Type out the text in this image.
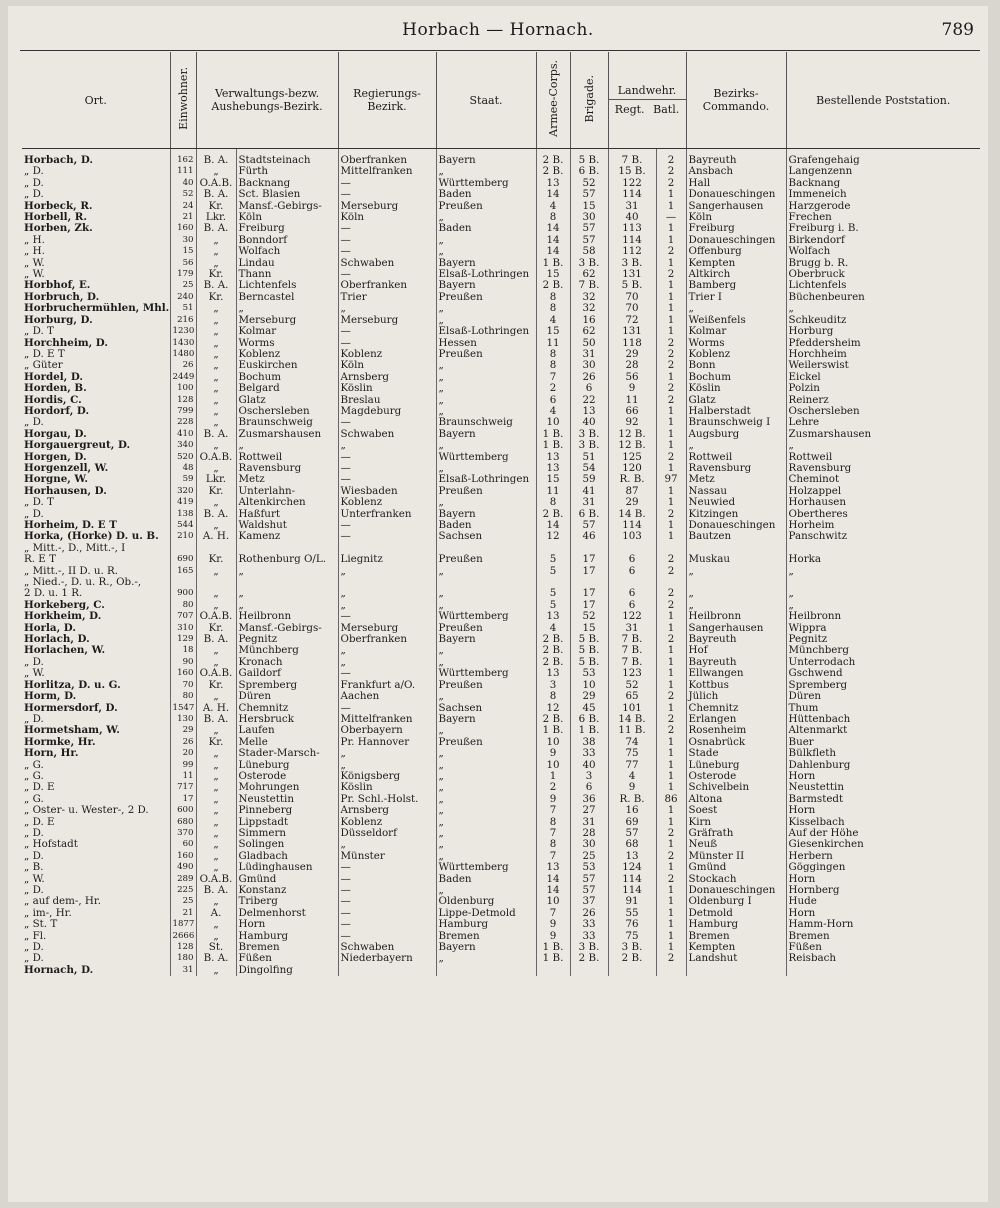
Horbach — Hornach.	789
Ort.	Einwohner.	Verwaltungs-bezw. Aushebungs-Bezirk.		Regierungs-Bezirk.	Staat.	Armee-Corps.	Brigade.	Landwehr.
Regt. Batl.		Bezirks-Commando.	Bestellende Poststation.

Horbach, D.	162	B. A.	Stadtsteinach	Oberfranken	Bayern	2 B.	5 B.	7 B.	2	Bayreuth	Grafengehaig
„ D.	111	„	Fürth	Mittelfranken	„	2 B.	6 B.	15 B.	2	Ansbach	Langenzenn
„ D.	40	O.A.B.	Backnang	—	Württemberg	13	52	122	2	Hall	Backnang
„ D.	52	B. A.	Sct. Blasien	—	Baden	14	57	114	1	Donaueschingen	Immeneich
Horbeck, R.	24	Kr.	Mansf.-Gebirgs-	Merseburg	Preußen	4	15	31	1	Sangerhausen	Harzgerode
Horbell, R.	21	Lkr.	Köln	Köln	„	8	30	40	—	Köln	Frechen
Horben, Zk.	160	B. A.	Freiburg	—	Baden	14	57	113	1	Freiburg	Freiburg i. B.
„ H.	30	„	Bonndorf	—	„	14	57	114	1	Donaueschingen	Birkendorf
„ H.	15	„	Wolfach	—	„	14	58	112	2	Offenburg	Wolfach
„ W.	56	„	Lindau	Schwaben	Bayern	1 B.	3 B.	3 B.	1	Kempten	Brugg b. R.
„ W.	179	Kr.	Thann	—	Elsaß-Lothringen	15	62	131	2	Altkirch	Oberbruck
Horbhof, E.	25	B. A.	Lichtenfels	Oberfranken	Bayern	2 B.	7 B.	5 B.	1	Bamberg	Lichtenfels
Horbruch, D.	240	Kr.	Berncastel	Trier	Preußen	8	32	70	1	Trier I	Büchenbeuren
Horbruchermühlen, Mhl.	51	„	„	„	„	8	32	70	1	„	„
Horburg, D.	216	„	Merseburg	Merseburg	„	4	16	72	1	Weißenfels	Schkeuditz
„ D. T	1230	„	Kolmar	—	Elsaß-Lothringen	15	62	131	1	Kolmar	Horburg
Horchheim, D.	1430	„	Worms	—	Hessen	11	50	118	2	Worms	Pfeddersheim
„ D. E T	1480	„	Koblenz	Koblenz	Preußen	8	31	29	2	Koblenz	Horchheim
„ Güter	26	„	Euskirchen	Köln	„	8	30	28	2	Bonn	Weilerswist
Hordel, D.	2449	„	Bochum	Arnsberg	„	7	26	56	1	Bochum	Eickel
Horden, B.	100	„	Belgard	Köslin	„	2	6	9	2	Köslin	Polzin
Hordis, C.	128	„	Glatz	Breslau	„	6	22	11	2	Glatz	Reinerz
Hordorf, D.	799	„	Oschersleben	Magdeburg	„	4	13	66	1	Halberstadt	Oschersleben
„ D.	228	„	Braunschweig	—	Braunschweig	10	40	92	1	Braunschweig I	Lehre
Horgau, D.	410	B. A.	Zusmarshausen	Schwaben	Bayern	1 B.	3 B.	12 B.	1	Augsburg	Zusmarshausen
Horgauergreut, D.	340	„	„	„	„	1 B.	3 B.	12 B.	1	„	„
Horgen, D.	520	O.A.B.	Rottweil	—	Württemberg	13	51	125	2	Rottweil	Rottweil
Horgenzell, W.	48	„	Ravensburg	—	„	13	54	120	1	Ravensburg	Ravensburg
Horgne, W.	59	Lkr.	Metz	—	Elsaß-Lothringen	15	59	R. B.	97	Metz	Cheminot
Horhausen, D.	320	Kr.	Unterlahn-	Wiesbaden	Preußen	11	41	87	1	Nassau	Holzappel
„ D. T	419	„	Altenkirchen	Koblenz	„	8	31	29	1	Neuwied	Horhausen
„ D.	138	B. A.	Haßfurt	Unterfranken	Bayern	2 B.	6 B.	14 B.	2	Kitzingen	Obertheres
Horheim, D. E T	544	„	Waldshut	—	Baden	14	57	114	1	Donaueschingen	Horheim
Horka, (Horke) D. u. B.	210	A. H.	Kamenz	—	Sachsen	12	46	103	1	Bautzen	Panschwitz
„ Mitt.-, D., Mitt.-, I											
R. E T	690	Kr.	Rothenburg O/L.	Liegnitz	Preußen	5	17	6	2	Muskau	Horka
„ Mitt.-, II D. u. R.	165	„	„	„	„	5	17	6	2	„	„
„ Nied.-, D. u. R., Ob.-,											
2 D. u. 1 R.	900	„	„	„	„	5	17	6	2	„	„
Horkeberg, C.	80	„	„	„	„	5	17	6	2	„	„
Horkheim, D.	707	O.A.B.	Heilbronn	—	Württemberg	13	52	122	1	Heilbronn	Heilbronn
Horla, D.	310	Kr.	Mansf.-Gebirgs-	Merseburg	Preußen	4	15	31	1	Sangerhausen	Wippra
Horlach, D.	129	B. A.	Pegnitz	Oberfranken	Bayern	2 B.	5 B.	7 B.	2	Bayreuth	Pegnitz
Horlachen, W.	18	„	Münchberg	„	„	2 B.	5 B.	7 B.	1	Hof	Münchberg
„ D.	90	„	Kronach	„	„	2 B.	5 B.	7 B.	1	Bayreuth	Unterrodach
„ W.	160	O.A.B.	Gaildorf	—	Württemberg	13	53	123	1	Ellwangen	Gschwend
Horlitza, D. u. G.	70	Kr.	Spremberg	Frankfurt a/O.	Preußen	3	10	52	1	Kottbus	Spremberg
Horm, D.	80	„	Düren	Aachen	„	8	29	65	2	Jülich	Düren
Hormersdorf, D.	1547	A. H.	Chemnitz	—	Sachsen	12	45	101	1	Chemnitz	Thum
„ D.	130	B. A.	Hersbruck	Mittelfranken	Bayern	2 B.	6 B.	14 B.	2	Erlangen	Hüttenbach
Hormetsham, W.	29	„	Laufen	Oberbayern	„	1 B.	1 B.	11 B.	2	Rosenheim	Altenmarkt
Hormke, Hr.	26	Kr.	Melle	Pr. Hannover	Preußen	10	38	74	1	Osnabrück	Buer
Horn, Hr.	20	„	Stader-Marsch-	„	„	9	33	75	1	Stade	Bülkfleth
„ G.	99	„	Lüneburg	„	„	10	40	77	1	Lüneburg	Dahlenburg
„ G.	11	„	Osterode	Königsberg	„	1	3	4	1	Osterode	Horn
„ D. E	717	„	Mohrungen	Köslin	„	2	6	9	1	Schivelbein	Neustettin
„ G.	17	„	Neustettin	Pr. Schl.-Holst.	„	9	36	R. B.	86	Altona	Barmstedt
„ Oster- u. Wester-, 2 D.	600	„	Pinneberg	Arnsberg	„	7	27	16	1	Soest	Horn
„ D. E	680	„	Lippstadt	Koblenz	„	8	31	69	1	Kirn	Kisselbach
„ D.	370	„	Simmern	Düsseldorf	„	7	28	57	2	Gräfrath	Auf der Höhe
„ Hofstadt	60	„	Solingen	„	„	8	30	68	1	Neuß	Giesenkirchen
„ D.	160	„	Gladbach	Münster	„	7	25	13	2	Münster II	Herbern
„ B.	490	„	Lüdinghausen	—	Württemberg	13	53	124	1	Gmünd	Göggingen
„ W.	289	O.A.B.	Gmünd	—	Baden	14	57	114	2	Stockach	Horn
„ D.	225	B. A.	Konstanz	—	„	14	57	114	1	Donaueschingen	Hornberg
„ auf dem-, Hr.	25	„	Triberg	—	Oldenburg	10	37	91	1	Oldenburg I	Hude
„ im-, Hr.	21	A.	Delmenhorst	—	Lippe-Detmold	7	26	55	1	Detmold	Horn
„ St. T	1877	„	Horn	—	Hamburg	9	33	76	1	Hamburg	Hamm-Horn
„ Fl.	2666	„	Hamburg	—	Bremen	9	33	75	1	Bremen	Bremen
„ D.	128	St.	Bremen	Schwaben	Bayern	1 B.	3 B.	3 B.	1	Kempten	Füßen
„ D.	180	B. A.	Füßen	Niederbayern	„	1 B.	2 B.	2 B.	2	Landshut	Reisbach
Hornach, D.	31	„	Dingolfing								
